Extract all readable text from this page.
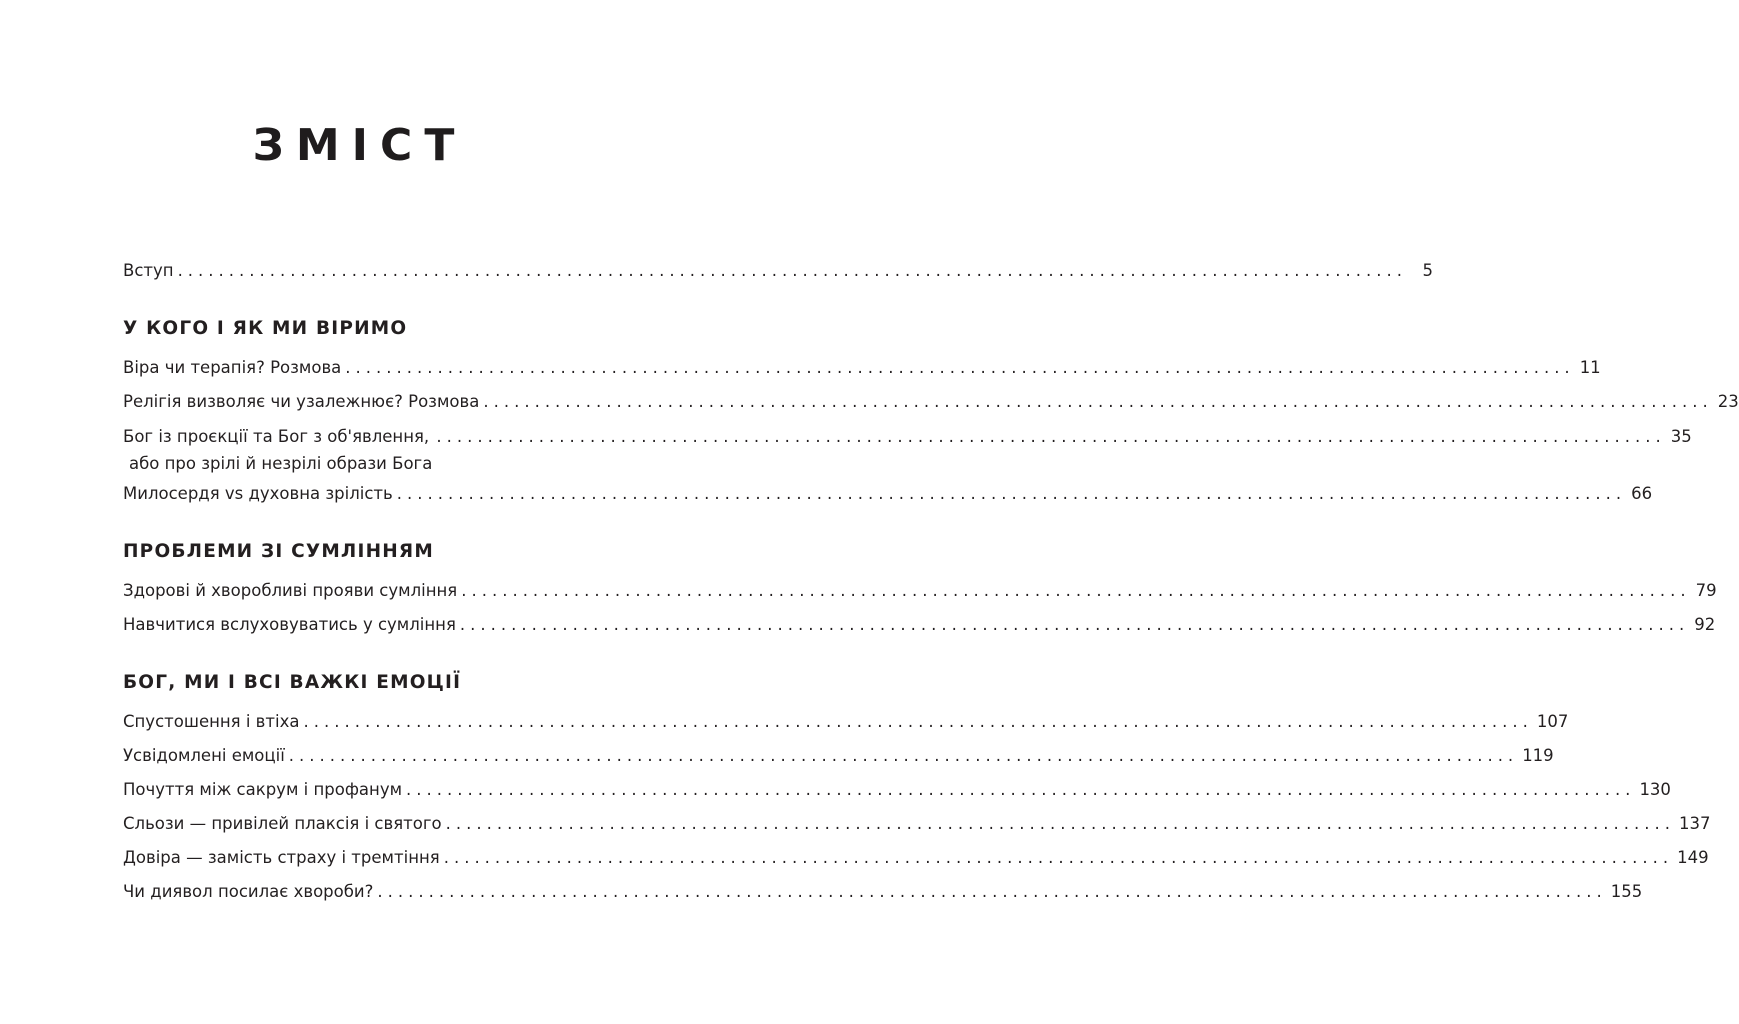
ЗМІСТ
Вступ ........................................................................................................................ 5
У КОГО І ЯК МИ ВІРИМО
Віра чи терапія? Розмова ........................................................................................................................ 11
Релігія визволяє чи узалежнює? Розмова ........................................................................................................................ 23
Бог із проєкції та Бог з об'явлення,
або про зрілі й незрілі образи Бога
........................................................................................................................ 35
Милосердя vs духовна зрілість ........................................................................................................................ 66
ПРОБЛЕМИ ЗІ СУМЛІННЯМ
Здорові й хворобливі прояви сумління ........................................................................................................................ 79
Навчитися вслуховуватись у сумління ........................................................................................................................ 92
БОГ, МИ І ВСІ ВАЖКІ ЕМОЦІЇ
Спустошення і втіха ........................................................................................................................ 107
Усвідомлені емоції ........................................................................................................................ 119
Почуття між сакрум і профанум ........................................................................................................................ 130
Сльози — привілей плаксія і святого ........................................................................................................................ 137
Довіра — замість страху і тремтіння ........................................................................................................................ 149
Чи диявол посилає хвороби? ........................................................................................................................ 155
